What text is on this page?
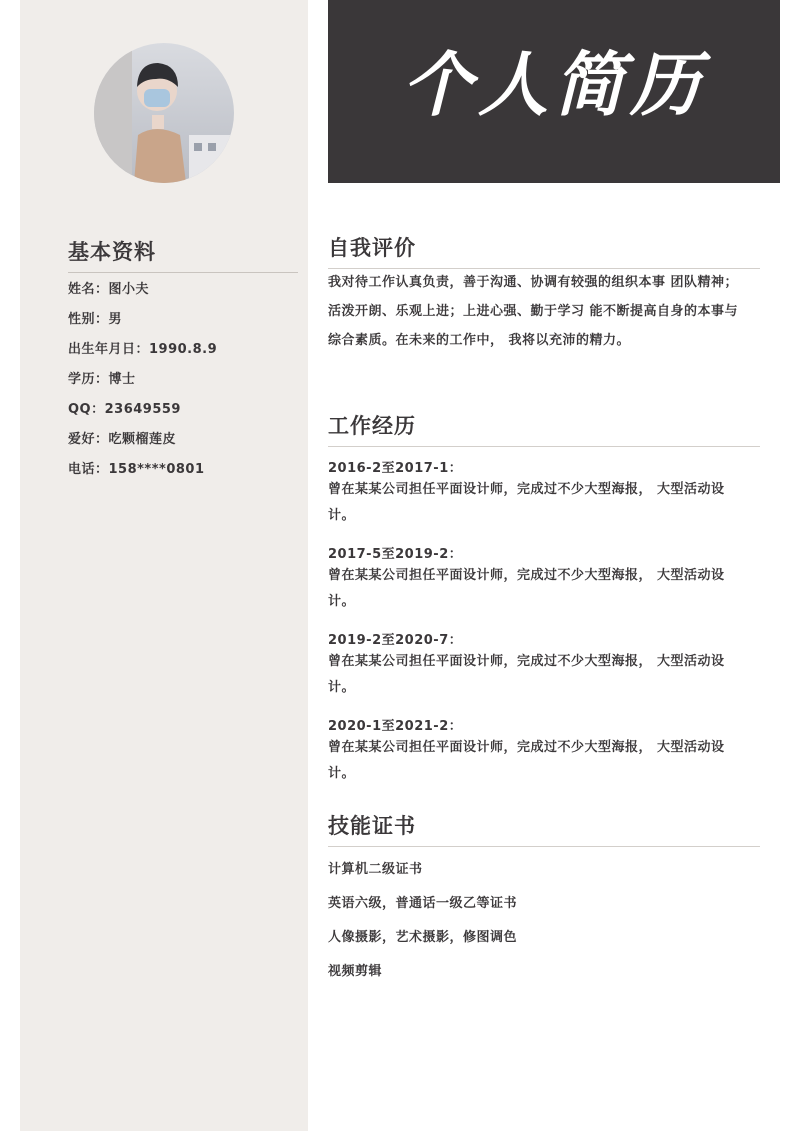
基本资料
姓名：图小夫
性别：男
出生年月日：1990.8.9
学历：博士
QQ：23649559
爱好：吃颗榴莲皮
电话：158****0801
个人简历
自我评价
我对待工作认真负责，善于沟通、协调有较强的组织本事 团队精神；活泼开朗、乐观上进；上进心强、勤于学习 能不断提高自身的本事与综合素质。在未来的工作中， 我将以充沛的精力。
工作经历
2016-2至2017-1：
曾在某某公司担任平面设计师，完成过不少大型海报， 大型活动设计。
2017-5至2019-2：
曾在某某公司担任平面设计师，完成过不少大型海报， 大型活动设计。
2019-2至2020-7：
曾在某某公司担任平面设计师，完成过不少大型海报， 大型活动设计。
2020-1至2021-2：
曾在某某公司担任平面设计师，完成过不少大型海报， 大型活动设计。
技能证书
计算机二级证书
英语六级，普通话一级乙等证书
人像摄影，艺术摄影，修图调色
视频剪辑
